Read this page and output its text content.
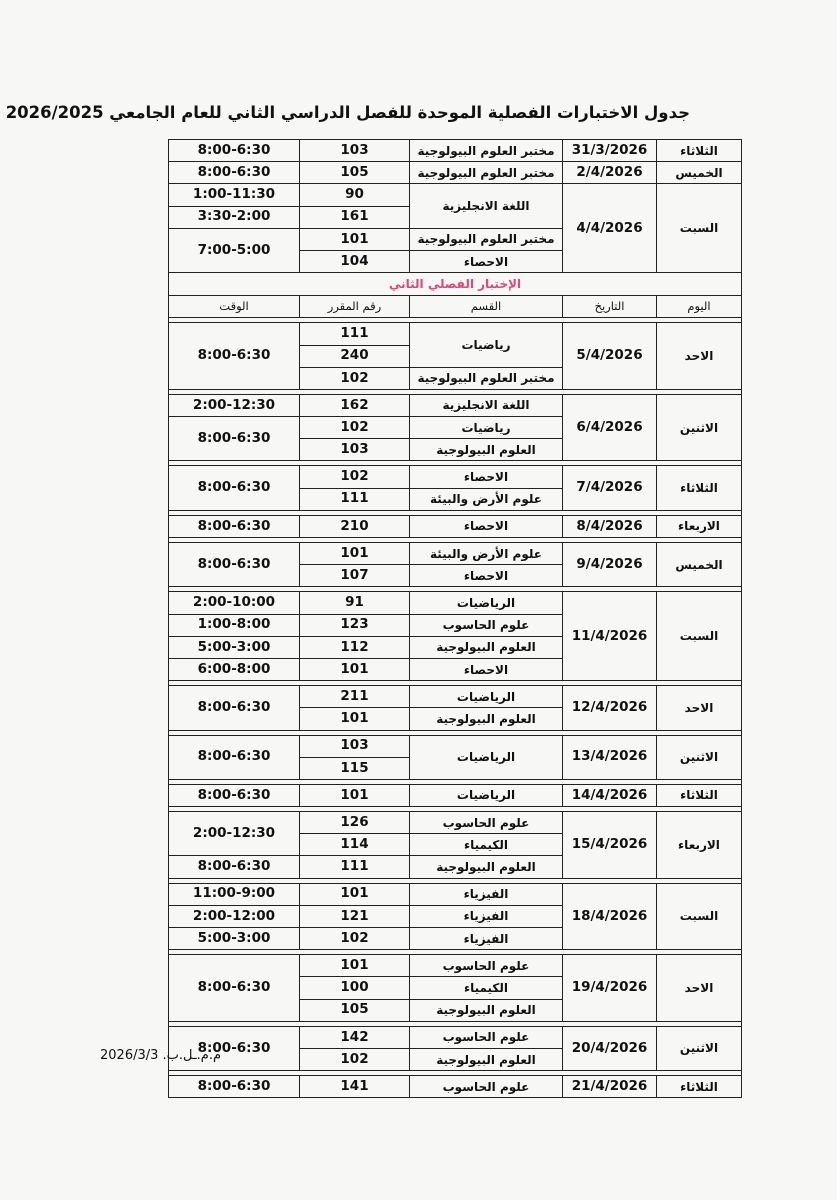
جدول الاختبارات الفصلية الموحدة للفصل الدراسي الثاني للعام الجامعي 2026/2025
الثلاثاء	31/3/2026	مختبر العلوم البيولوجية	103	8:00-6:30
الخميس	2/4/2026	مختبر العلوم البيولوجية	105	8:00-6:30
السبت	4/4/2026	اللغة الانجليزية	90	1:00-11:30
			161	3:30-2:00
		مختبر العلوم البيولوجية	101	7:00-5:00
		الاحصاء	104	
الإختبار الفصلي الثاني				
اليوم	التاريخ	القسم	رقم المقرر	الوقت

الاحد	5/4/2026	رياضيات	111	8:00-6:30
			240	
		مختبر العلوم البيولوجية	102	

الاثنين	6/4/2026	اللغة الانجليزية	162	2:00-12:30
		رياضيات	102	8:00-6:30
		العلوم البيولوجية	103	

الثلاثاء	7/4/2026	الاحصاء	102	8:00-6:30
		علوم الأرض والبيئة	111	

الاربعاء	8/4/2026	الاحصاء	210	8:00-6:30

الخميس	9/4/2026	علوم الأرض والبيئة	101	8:00-6:30
		الاحصاء	107	

السبت	11/4/2026	الرياضيات	91	2:00-10:00
		علوم الحاسوب	123	1:00-8:00
		العلوم البيولوجية	112	5:00-3:00
		الاحصاء	101	6:00-8:00

الاحد	12/4/2026	الرياضيات	211	8:00-6:30
		العلوم البيولوجية	101	

الاثنين	13/4/2026	الرياضيات	103	8:00-6:30
			115	

الثلاثاء	14/4/2026	الرياضيات	101	8:00-6:30

الاربعاء	15/4/2026	علوم الحاسوب	126	2:00-12:30
		الكيمياء	114	
		العلوم البيولوجية	111	8:00-6:30

السبت	18/4/2026	الفيزياء	101	11:00-9:00
		الفيزياء	121	2:00-12:00
		الفيزياء	102	5:00-3:00

الاحد	19/4/2026	علوم الحاسوب	101	8:00-6:30
		الكيمياء	100	
		العلوم البيولوجية	105	

الاثنين	20/4/2026	علوم الحاسوب	142	8:00-6:30
		العلوم البيولوجية	102	

الثلاثاء	21/4/2026	علوم الحاسوب	141	8:00-6:30
م.م.ـل.ب. 2026/3/3
